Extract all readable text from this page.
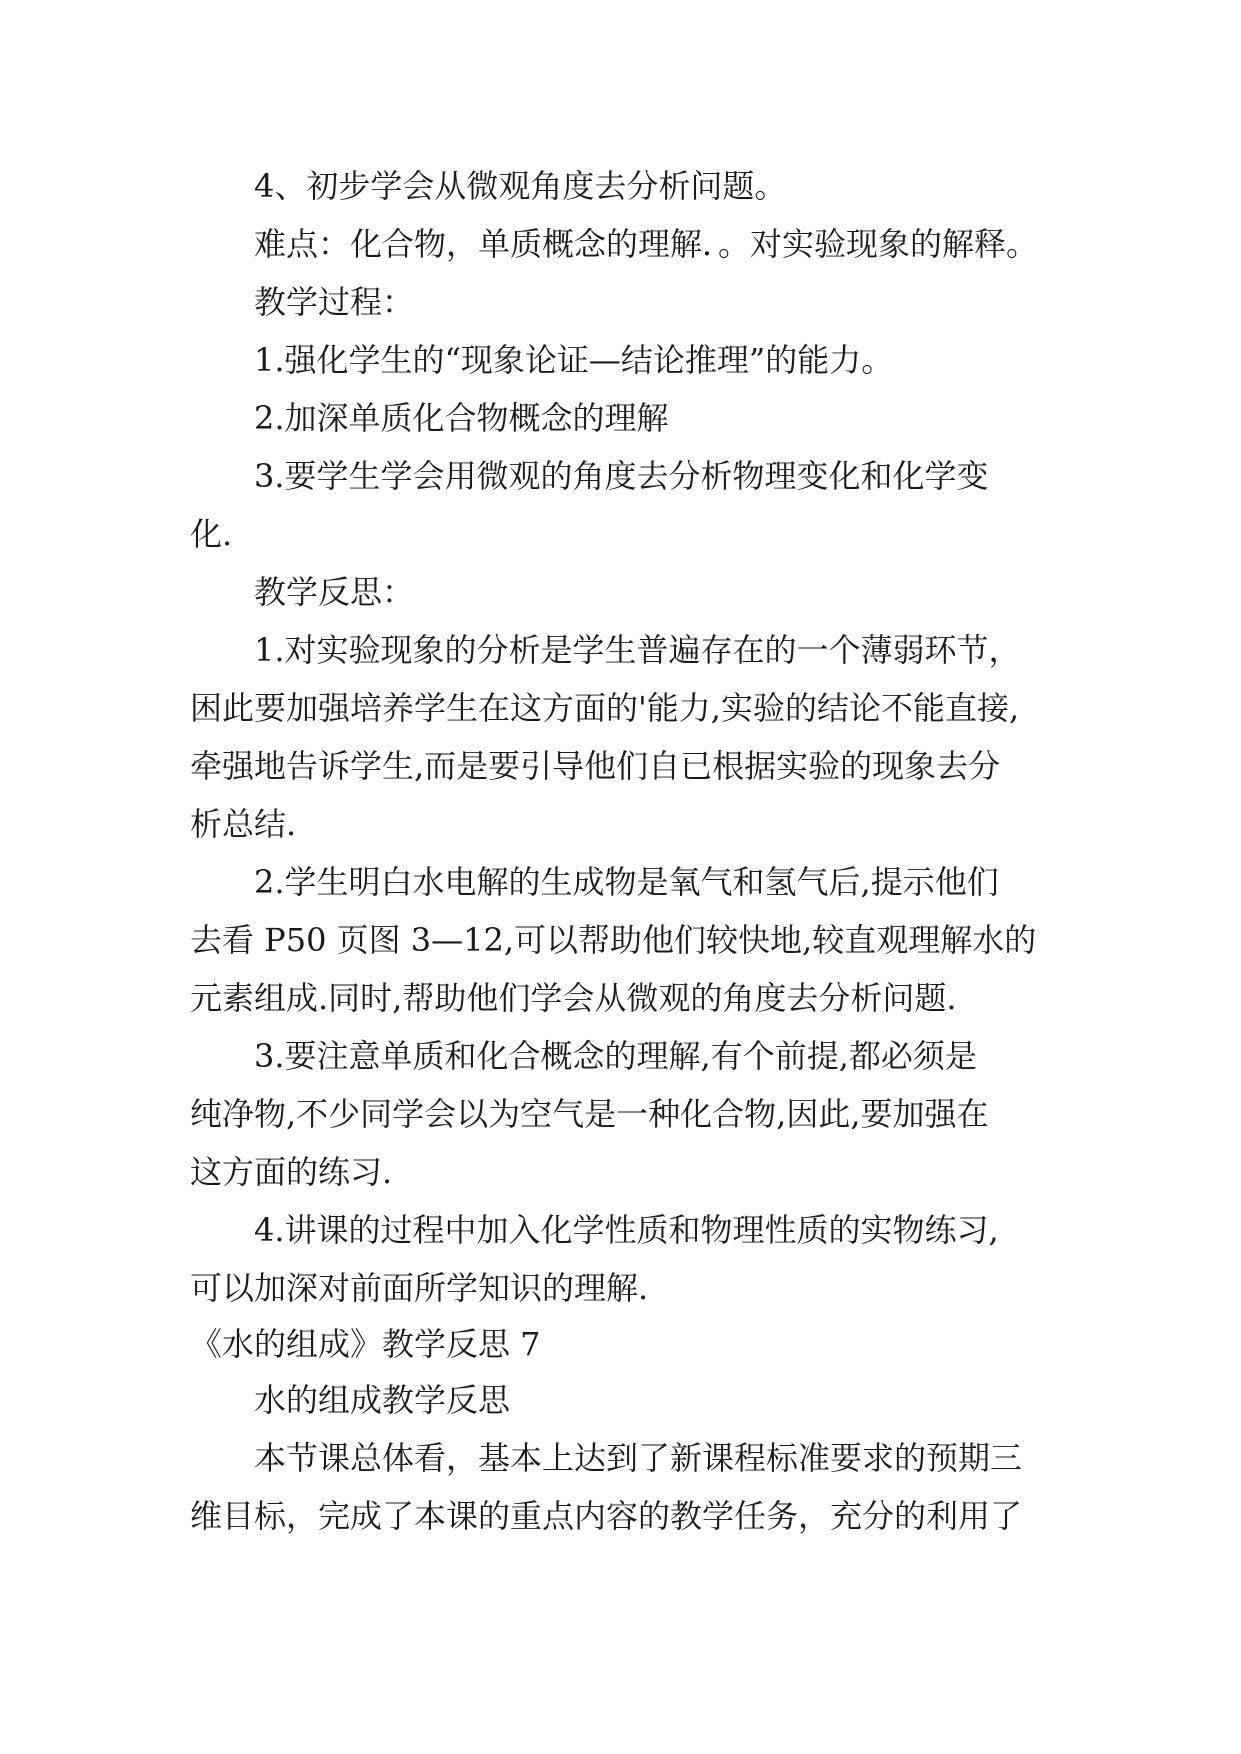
4、初步学会从微观角度去分析问题。
难点：化合物，单质概念的理解．。对实验现象的解释。
教学过程：
1.强化学生的“现象论证—结论推理”的能力。
2.加深单质化合物概念的理解
3.要学生学会用微观的角度去分析物理变化和化学变
化.
教学反思：
1.对实验现象的分析是学生普遍存在的一个薄弱环节，
困此要加强培养学生在这方面的'能力,实验的结论不能直接,
牵强地告诉学生,而是要引导他们自已根据实验的现象去分
析总结.
2.学生明白水电解的生成物是氧气和氢气后,提示他们
去看 P50 页图 3—12,可以帮助他们较快地,较直观理解水的
元素组成.同时,帮助他们学会从微观的角度去分析问题.
3.要注意单质和化合概念的理解,有个前提,都必须是
纯净物,不少同学会以为空气是一种化合物,因此,要加强在
这方面的练习.
4.讲课的过程中加入化学性质和物理性质的实物练习,
可以加深对前面所学知识的理解.
《水的组成》教学反思 7
水的组成教学反思
本节课总体看，基本上达到了新课程标准要求的预期三
维目标，完成了本课的重点内容的教学任务，充分的利用了
